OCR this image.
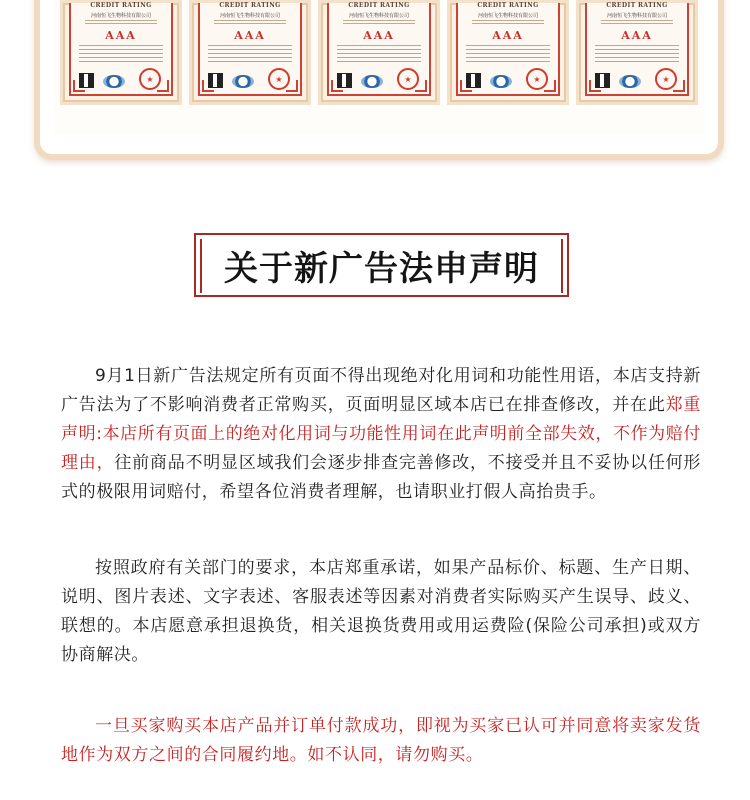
CREDIT RATING
河南恒飞生物科技有限公司
AAA
★
CREDIT RATING
河南恒飞生物科技有限公司
AAA
★
CREDIT RATING
河南恒飞生物科技有限公司
AAA
★
CREDIT RATING
河南恒飞生物科技有限公司
AAA
★
CREDIT RATING
河南恒飞生物科技有限公司
AAA
★
关于新广告法申声明

9月1日新广告法规定所有页面不得出现绝对化用词和功能性用语，本店支持新广告法为了不影响消费者正常购买，页面明显区域本店已在排查修改，并在此郑重声明:本店所有页面上的绝对化用词与功能性用词在此声明前全部失效，不作为赔付理由，往前商品不明显区域我们会逐步排查完善修改，不接受并且不妥协以任何形式的极限用词赔付，希望各位消费者理解，也请职业打假人高抬贵手。

按照政府有关部门的要求，本店郑重承诺，如果产品标价、标题、生产日期、说明、图片表述、文字表述、客服表述等因素对消费者实际购买产生误导、歧义、联想的。本店愿意承担退换货，相关退换货费用或用运费险(保险公司承担)或双方协商解决。

一旦买家购买本店产品并订单付款成功，即视为买家已认可并同意将卖家发货地作为双方之间的合同履约地。如不认同，请勿购买。
